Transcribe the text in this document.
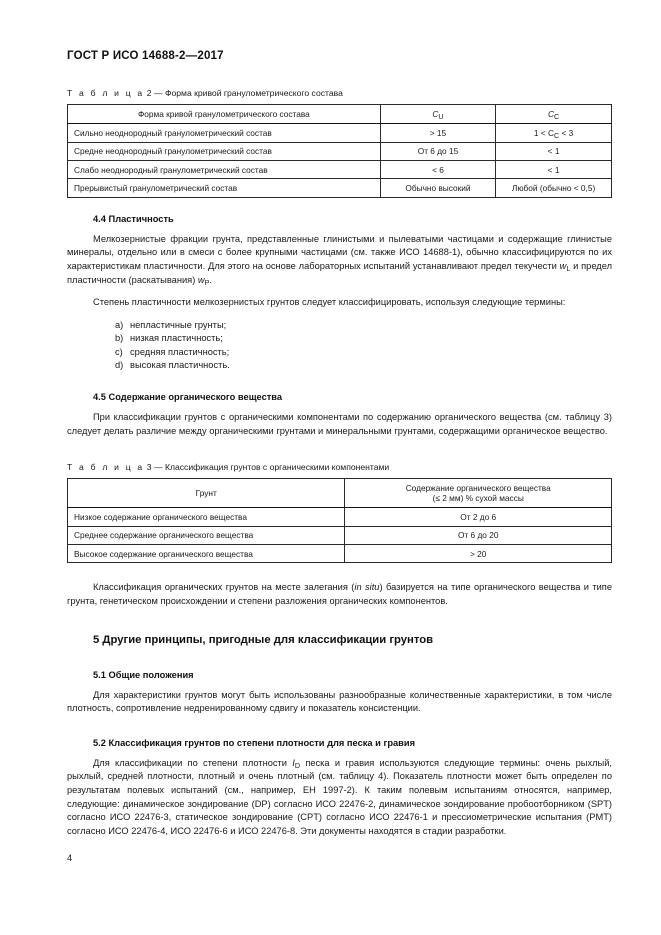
ГОСТ Р ИСО 14688-2—2017
Т а б л и ц а 2 — Форма кривой гранулометрического состава
Форма кривой гранулометрического состава	$C_U$	$C_C$
Сильно неоднородный гранулометрический состав	> 15	$1 < C_C < 3$
Средне неоднородный гранулометрический состав	От 6 до 15	< 1
Слабо неоднородный гранулометрический состав	< 6	< 1
Прерывистый гранулометрический состав	Обычно высокий	Любой (обычно < 0,5)
4.4 Пластичность

Мелкозернистые фракции грунта, представленные глинистыми и пылеватыми частицами и содержащие глинистые минералы, отдельно или в смеси с более крупными частицами (см. также ИСО 14688-1), обычно классифицируются по их характеристикам пластичности. Для этого на основе лабораторных испытаний устанавливают предел текучести $w_L$ и предел пластичности (раскатывания) $w_P$.

Степень пластичности мелкозернистых грунтов следует классифицировать, используя следующие термины:

a) непластичные грунты;
b) низкая пластичность;
c) средняя пластичность;
d) высокая пластичность.
4.5 Содержание органического вещества

При классификации грунтов с органическими компонентами по содержанию органического вещества (см. таблицу 3) следует делать различие между органическими грунтами и минеральными грунтами, содержащими органическое вещество.

Т а б л и ц а 3 — Классификация грунтов с органическими компонентами
Грунт	Содержание органического вещества
(≤ 2 мм) % сухой массы
Низкое содержание органического вещества	От 2 до 6
Среднее содержание органического вещества	От 6 до 20
Высокое содержание органического вещества	> 20

Классификация органических грунтов на месте залегания (in situ) базируется на типе органического вещества и типе грунта, генетическом происхождении и степени разложения органических компонентов.

5 Другие принципы, пригодные для классификации грунтов
5.1 Общие положения

Для характеристики грунтов могут быть использованы разнообразные количественные характеристики, в том числе плотность, сопротивление недренированному сдвигу и показатель консистенции.

5.2 Классификация грунтов по степени плотности для песка и гравия

Для классификации по степени плотности $I_D$ песка и гравия используются следующие термины: очень рыхлый, рыхлый, средней плотности, плотный и очень плотный (см. таблицу 4). Показатель плотности может быть определен по результатам полевых испытаний (см., например, ЕН 1997-2). К таким полевым испытаниям относятся, например, следующие: динамическое зондирование (DP) согласно ИСО 22476-2, динамическое зондирование пробоотборником (SPT) согласно ИСО 22476-3, статическое зондирование (CPT) согласно ИСО 22476-1 и прессиометрические испытания (PMT) согласно ИСО 22476-4, ИСО 22476-6 и ИСО 22476-8. Эти документы находятся в стадии разработки.

4
